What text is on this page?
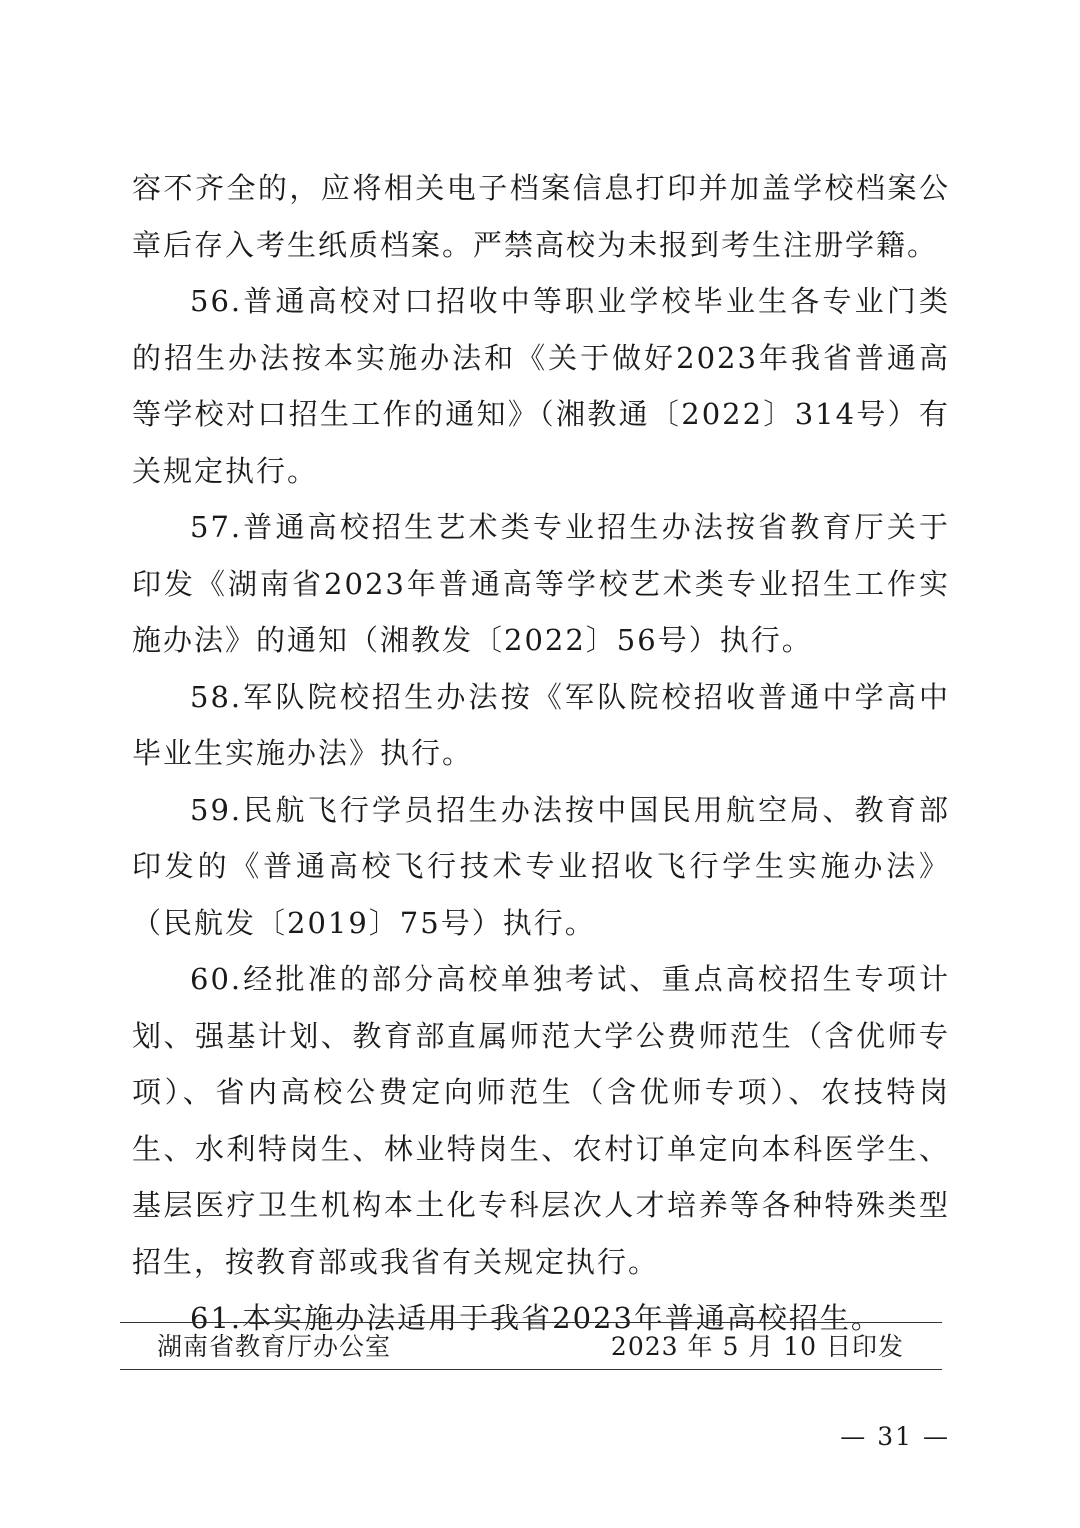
容不齐全的，应将相关电子档案信息打印并加盖学校档案公章后存入考生纸质档案。严禁高校为未报到考生注册学籍。

56.普通高校对口招收中等职业学校毕业生各专业门类的招生办法按本实施办法和《关于做好2023年我省普通高等学校对口招生工作的通知》（湘教通〔2022〕314号）有关规定执行。

57.普通高校招生艺术类专业招生办法按省教育厅关于印发《湖南省2023年普通高等学校艺术类专业招生工作实施办法》的通知（湘教发〔2022〕56号）执行。

58.军队院校招生办法按《军队院校招收普通中学高中毕业生实施办法》执行。

59.民航飞行学员招生办法按中国民用航空局、教育部印发的《普通高校飞行技术专业招收飞行学生实施办法》（民航发〔2019〕75号）执行。

60.经批准的部分高校单独考试、重点高校招生专项计划、强基计划、教育部直属师范大学公费师范生（含优师专项）、省内高校公费定向师范生（含优师专项）、农技特岗生、水利特岗生、林业特岗生、农村订单定向本科医学生、基层医疗卫生机构本土化专科层次人才培养等各种特殊类型招生，按教育部或我省有关规定执行。

61.本实施办法适用于我省2023年普通高校招生。

湖南省教育厅办公室	2023 年 5 月 10 日印发
— 31 —
